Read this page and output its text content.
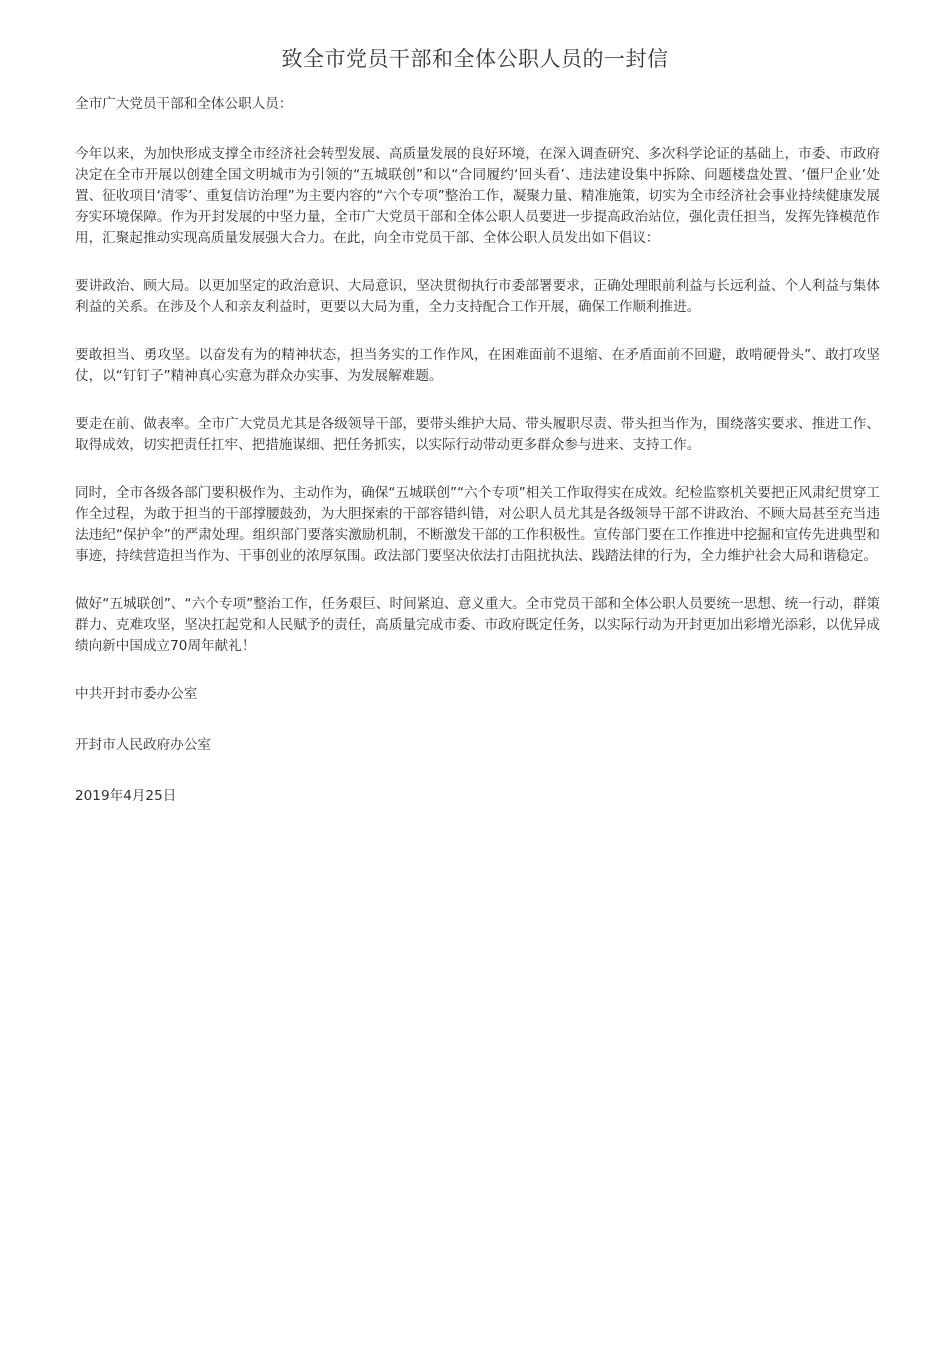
致全市党员干部和全体公职人员的一封信

全市广大党员干部和全体公职人员：

今年以来，为加快形成支撑全市经济社会转型发展、高质量发展的良好环境，在深入调查研究、多次科学论证的基础上，市委、市政府决定在全市开展以创建全国文明城市为引领的“五城联创”和以“合同履约‘回头看’、违法建设集中拆除、问题楼盘处置、‘僵尸企业’处置、征收项目‘清零’、重复信访治理”为主要内容的“六个专项”整治工作，凝聚力量、精准施策，切实为全市经济社会事业持续健康发展夯实环境保障。作为开封发展的中坚力量，全市广大党员干部和全体公职人员要进一步提高政治站位，强化责任担当，发挥先锋模范作用，汇聚起推动实现高质量发展强大合力。在此，向全市党员干部、全体公职人员发出如下倡议：

要讲政治、顾大局。以更加坚定的政治意识、大局意识，坚决贯彻执行市委部署要求，正确处理眼前利益与长远利益、个人利益与集体利益的关系。在涉及个人和亲友利益时，更要以大局为重，全力支持配合工作开展，确保工作顺利推进。

要敢担当、勇攻坚。以奋发有为的精神状态，担当务实的工作作风，在困难面前不退缩、在矛盾面前不回避，敢啃硬骨头”、敢打攻坚仗，以“钉钉子”精神真心实意为群众办实事、为发展解难题。

要走在前、做表率。全市广大党员尤其是各级领导干部，要带头维护大局、带头履职尽责、带头担当作为，围绕落实要求、推进工作、取得成效，切实把责任扛牢、把措施谋细、把任务抓实，以实际行动带动更多群众参与进来、支持工作。

同时，全市各级各部门要积极作为、主动作为，确保“五城联创”“六个专项”相关工作取得实在成效。纪检监察机关要把正风肃纪贯穿工作全过程，为敢于担当的干部撑腰鼓劲，为大胆探索的干部容错纠错，对公职人员尤其是各级领导干部不讲政治、不顾大局甚至充当违法违纪“保护伞”的严肃处理。组织部门要落实激励机制，不断激发干部的工作积极性。宣传部门要在工作推进中挖掘和宣传先进典型和事迹，持续营造担当作为、干事创业的浓厚氛围。政法部门要坚决依法打击阻扰执法、践踏法律的行为，全力维护社会大局和谐稳定。

做好“五城联创”、“六个专项”整治工作，任务艰巨、时间紧迫、意义重大。全市党员干部和全体公职人员要统一思想、统一行动，群策群力、克难攻坚，坚决扛起党和人民赋予的责任，高质量完成市委、市政府既定任务，以实际行动为开封更加出彩增光添彩，以优异成绩向新中国成立70周年献礼！

中共开封市委办公室

开封市人民政府办公室

2019年4月25日
